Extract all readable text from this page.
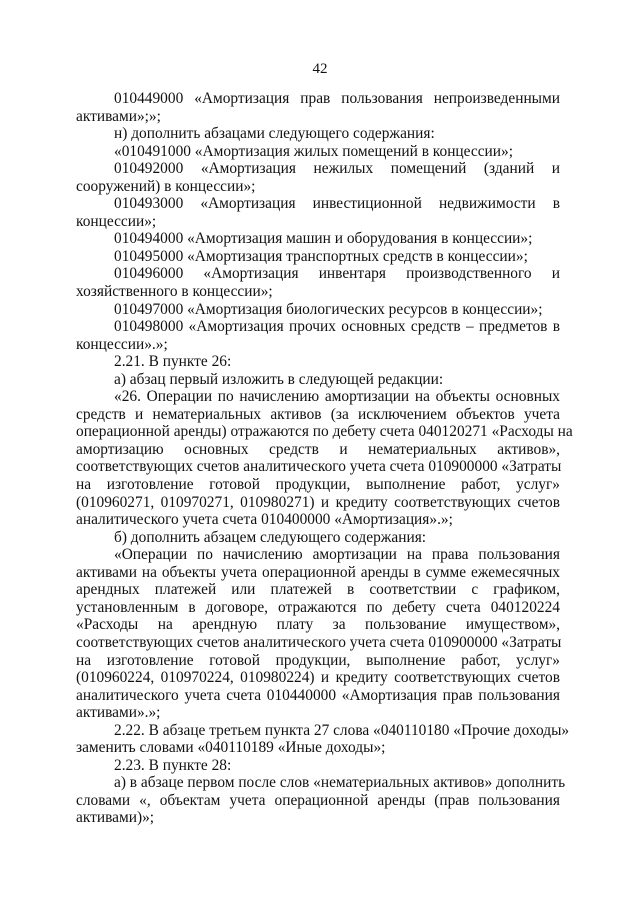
42
010449000 «Амортизация прав пользования непроизведенными
активами»;»;
н) дополнить абзацами следующего содержания:
«010491000 «Амортизация жилых помещений в концессии»;
010492000 «Амортизация нежилых помещений (зданий и
сооружений) в концессии»;
010493000 «Амортизация инвестиционной недвижимости в
концессии»;
010494000 «Амортизация машин и оборудования в концессии»;
010495000 «Амортизация транспортных средств в концессии»;
010496000 «Амортизация инвентаря производственного и
хозяйственного в концессии»;
010497000 «Амортизация биологических ресурсов в концессии»;
010498000 «Амортизация прочих основных средств – предметов в
концессии».»;
2.21. В пункте 26:
а) абзац первый изложить в следующей редакции:
«26. Операции по начислению амортизации на объекты основных
средств и нематериальных активов (за исключением объектов учета
операционной аренды) отражаются по дебету счета 040120271 «Расходы на
амортизацию основных средств и нематериальных активов»,
соответствующих счетов аналитического учета счета 010900000 «Затраты
на изготовление готовой продукции, выполнение работ, услуг»
(010960271, 010970271, 010980271) и кредиту соответствующих счетов
аналитического учета счета 010400000 «Амортизация».»;
б) дополнить абзацем следующего содержания:
«Операции по начислению амортизации на права пользования
активами на объекты учета операционной аренды в сумме ежемесячных
арендных платежей или платежей в соответствии с графиком,
установленным в договоре, отражаются по дебету счета 040120224
«Расходы на арендную плату за пользование имуществом»,
соответствующих счетов аналитического учета счета 010900000 «Затраты
на изготовление готовой продукции, выполнение работ, услуг»
(010960224, 010970224, 010980224) и кредиту соответствующих счетов
аналитического учета счета 010440000 «Амортизация прав пользования
активами».»;
2.22. В абзаце третьем пункта 27 слова «040110180 «Прочие доходы»
заменить словами «040110189 «Иные доходы»;
2.23. В пункте 28:
а) в абзаце первом после слов «нематериальных активов» дополнить
словами «, объектам учета операционной аренды (прав пользования
активами)»;
